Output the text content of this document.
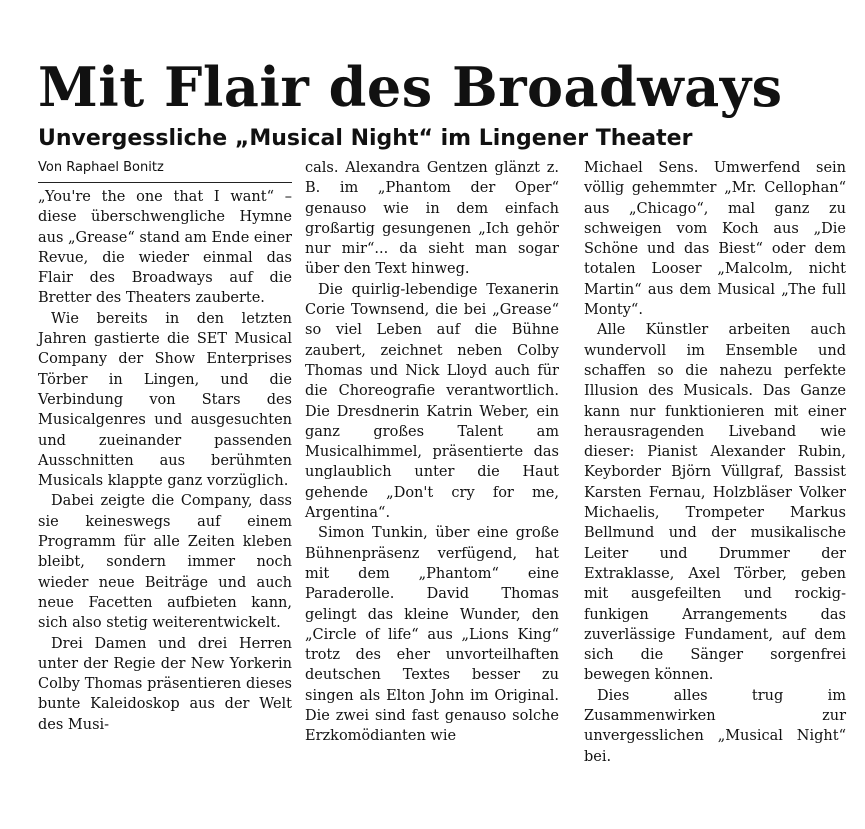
Mit Flair des Broadways
Unvergessliche „Musical Night“ im Lingener Theater
Von Raphael Bonitz

„You're the one that I want“ – diese überschwengliche Hymne aus „Grease“ stand am Ende einer Revue, die wieder einmal das Flair des Broadways auf die Bretter des Theaters zauberte.

Wie bereits in den letzten Jahren gastierte die SET Musical Company der Show Enterprises Törber in Lingen, und die Verbindung von Stars des Musicalgenres und ausgesuchten und zueinander passenden Ausschnitten aus berühmten Musicals klappte ganz vorzüglich.

Dabei zeigte die Company, dass sie keineswegs auf einem Programm für alle Zeiten kleben bleibt, sondern immer noch wieder neue Beiträge und auch neue Facetten aufbieten kann, sich also stetig weiterentwickelt.

Drei Damen und drei Herren unter der Regie der New Yorkerin Colby Thomas präsentieren dieses bunte Kaleidoskop aus der Welt des Musi-

cals. Alexandra Gentzen glänzt z. B. im „Phantom der Oper“ genauso wie in dem einfach großartig gesungenen „Ich gehör nur mir“... da sieht man sogar über den Text hinweg.

Die quirlig-lebendige Texanerin Corie Townsend, die bei „Grease“ so viel Leben auf die Bühne zaubert, zeichnet neben Colby Thomas und Nick Lloyd auch für die Choreografie verantwortlich. Die Dresdnerin Katrin Weber, ein ganz großes Talent am Musicalhimmel, präsentierte das unglaublich unter die Haut gehende „Don't cry for me, Argentina“.

Simon Tunkin, über eine große Bühnenpräsenz verfügend, hat mit dem „Phantom“ eine Paraderolle. David Thomas gelingt das kleine Wunder, den „Circle of life“ aus „Lions King“ trotz des eher unvorteilhaften deutschen Textes besser zu singen als Elton John im Original. Die zwei sind fast genauso solche Erzkomödianten wie

Michael Sens. Umwerfend sein völlig gehemmter „Mr. Cellophan“ aus „Chicago“, mal ganz zu schweigen vom Koch aus „Die Schöne und das Biest“ oder dem totalen Looser „Malcolm, nicht Martin“ aus dem Musical „The full Monty“.

Alle Künstler arbeiten auch wundervoll im Ensemble und schaffen so die nahezu perfekte Illusion des Musicals. Das Ganze kann nur funktionieren mit einer herausragenden Liveband wie dieser: Pianist Alexander Rubin, Keyborder Björn Vüllgraf, Bassist Karsten Fernau, Holzbläser Volker Michaelis, Trompeter Markus Bellmund und der musikalische Leiter und Drummer der Extraklasse, Axel Törber, geben mit ausgefeilten und rockig-funkigen Arrangements das zuverlässige Fundament, auf dem sich die Sänger sorgenfrei bewegen können.

Dies alles trug im Zusammenwirken zur unvergesslichen „Musical Night“ bei.
